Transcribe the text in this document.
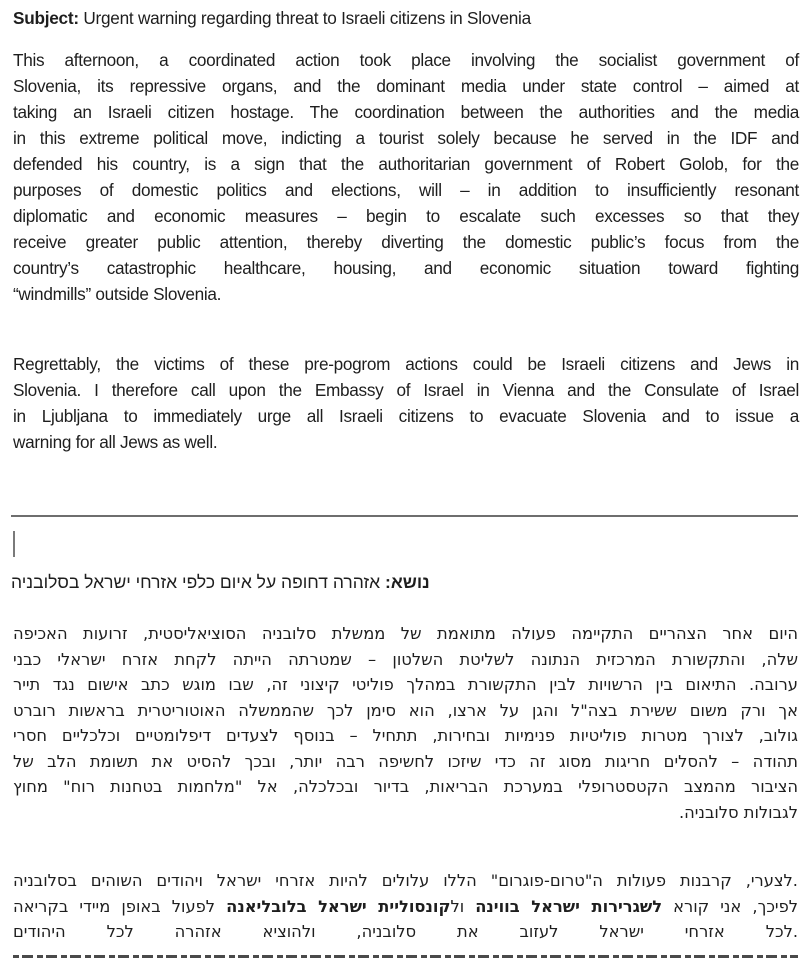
Subject: Urgent warning regarding threat to Israeli citizens in Slovenia
This afternoon, a coordinated action took place involving the socialist government of
Slovenia, its repressive organs, and the dominant media under state control – aimed at
taking an Israeli citizen hostage. The coordination between the authorities and the media
in this extreme political move, indicting a tourist solely because he served in the IDF and
defended his country, is a sign that the authoritarian government of Robert Golob, for the
purposes of domestic politics and elections, will – in addition to insufficiently resonant
diplomatic and economic measures – begin to escalate such excesses so that they
receive greater public attention, thereby diverting the domestic public’s focus from the
country’s catastrophic healthcare, housing, and economic situation toward fighting
“windmills” outside Slovenia.
Regrettably, the victims of these pre-pogrom actions could be Israeli citizens and Jews in
Slovenia. I therefore call upon the Embassy of Israel in Vienna and the Consulate of Israel
in Ljubljana to immediately urge all Israeli citizens to evacuate Slovenia and to issue a
warning for all Jews as well.
נושא: אזהרה דחופה על איום כלפי אזרחי ישראל בסלובניה
היום אחר הצהריים התקיימה פעולה מתואמת של ממשלת סלובניה הסוציאליסטית, זרועות האכיפה
שלה, והתקשורת המרכזית הנתונה לשליטת השלטון – שמטרתה הייתה לקחת אזרח ישראלי כבני
ערובה. התיאום בין הרשויות לבין התקשורת במהלך פוליטי קיצוני זה, שבו מוגש כתב אישום נגד תייר
אך ורק משום ששירת בצה"ל והגן על ארצו, הוא סימן לכך שהממשלה האוטוריטרית בראשות רוברט
גולוב, לצורך מטרות פוליטיות פנימיות ובחירות, תתחיל – בנוסף לצעדים דיפלומטיים וכלכליים חסרי
תהודה – להסלים חריגות מסוג זה כדי שיזכו לחשיפה רבה יותר, ובכך להסיט את תשומת הלב של
הציבור מהמצב הקטסטרופלי במערכת הבריאות, בדיור ובכלכלה, אל "מלחמות בטחנות רוח" מחוץ
לגבולות סלובניה.
.לצערי, קרבנות פעולות ה"טרום-פוגרום" הללו עלולים להיות אזרחי ישראל ויהודים השוהים בסלובניה
לפיכך, אני קורא לשגרירות ישראל בווינה ולקונסוליית ישראל בלובליאנה לפעול באופן מיידי בקריאה
.לכל אזרחי ישראל לעזוב את סלובניה, ולהוציא אזהרה לכל היהודים
